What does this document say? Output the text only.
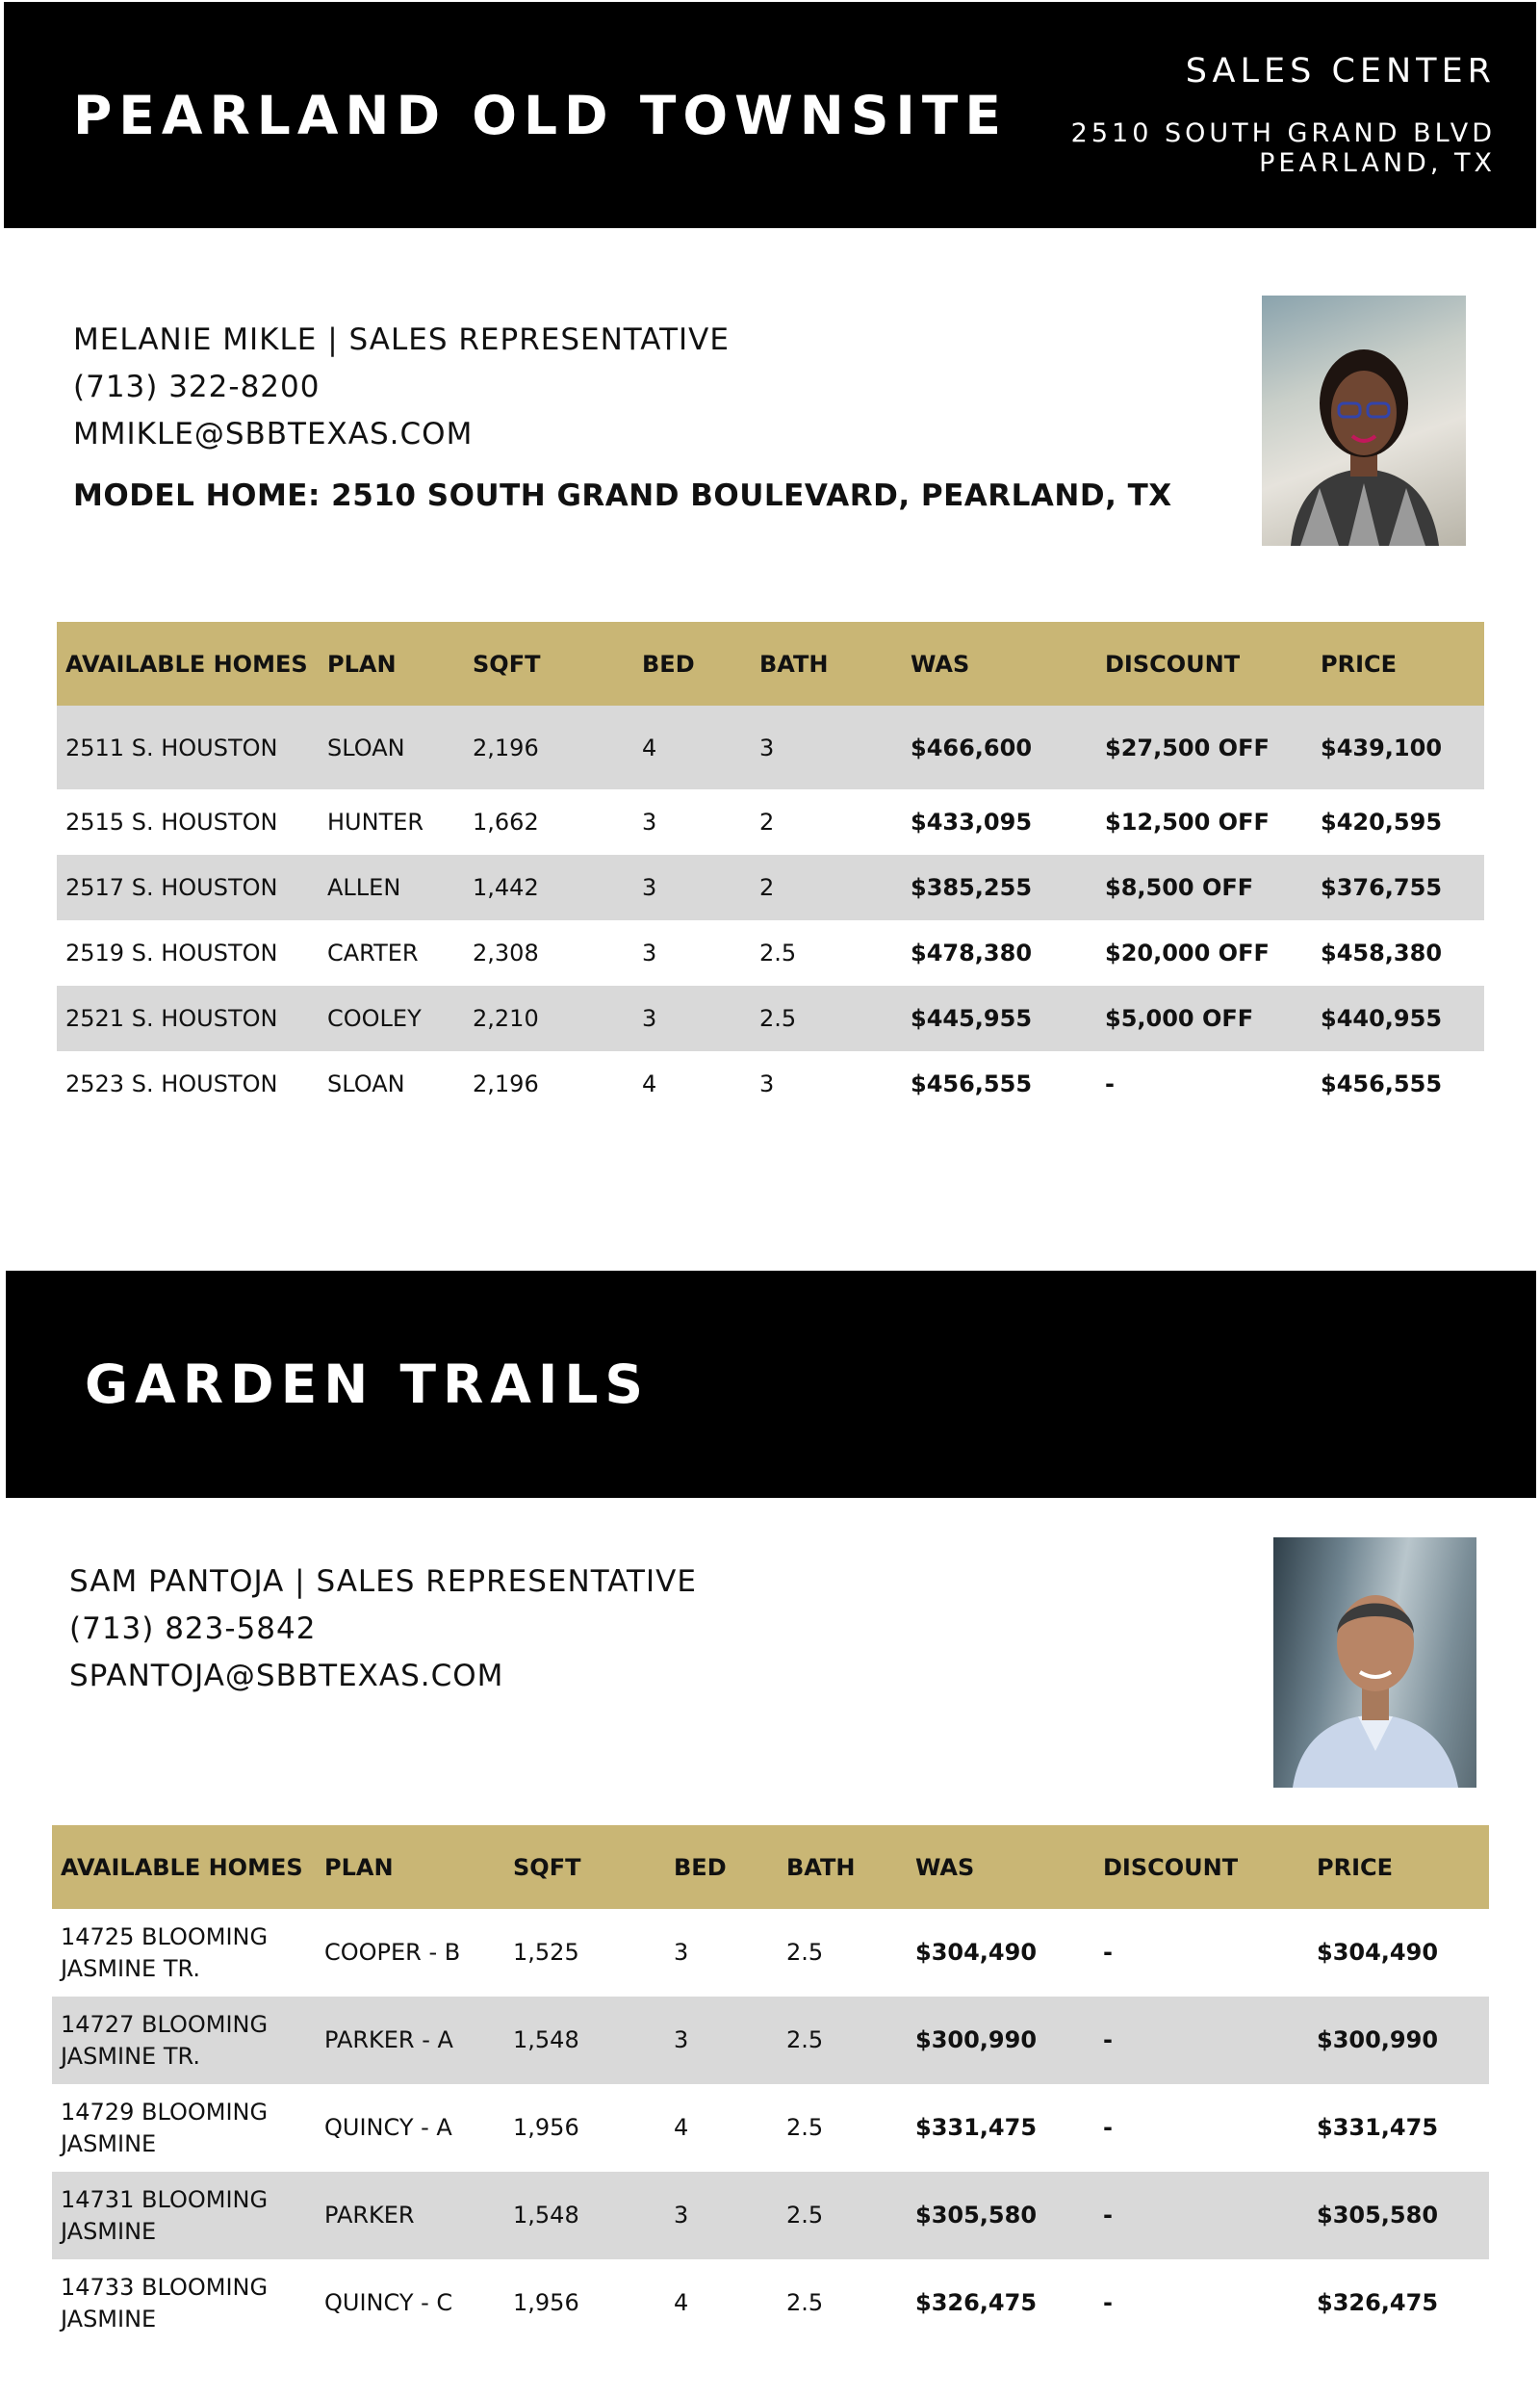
PEARLAND OLD TOWNSITE
SALES CENTER
2510 SOUTH GRAND BLVD
PEARLAND, TX
MELANIE MIKLE | SALES REPRESENTATIVE
(713) 322-8200
MMIKLE@SBBTEXAS.COM
MODEL HOME: 2510 SOUTH GRAND BOULEVARD, PEARLAND, TX
AVAILABLE HOMES	PLAN	SQFT	BED	BATH	WAS	DISCOUNT	PRICE
2511 S. HOUSTON	SLOAN	2,196	4	3	$466,600	$27,500 OFF	$439,100
2515 S. HOUSTON	HUNTER	1,662	3	2	$433,095	$12,500 OFF	$420,595
2517 S. HOUSTON	ALLEN	1,442	3	2	$385,255	$8,500 OFF	$376,755
2519 S. HOUSTON	CARTER	2,308	3	2.5	$478,380	$20,000 OFF	$458,380
2521 S. HOUSTON	COOLEY	2,210	3	2.5	$445,955	$5,000 OFF	$440,955
2523 S. HOUSTON	SLOAN	2,196	4	3	$456,555	-	$456,555
GARDEN TRAILS
SAM PANTOJA | SALES REPRESENTATIVE
(713) 823-5842
SPANTOJA@SBBTEXAS.COM
AVAILABLE HOMES	PLAN	SQFT	BED	BATH	WAS	DISCOUNT	PRICE
14725 BLOOMING JASMINE TR.	COOPER - B	1,525	3	2.5	$304,490	-	$304,490
14727 BLOOMING JASMINE TR.	PARKER - A	1,548	3	2.5	$300,990	-	$300,990
14729 BLOOMING JASMINE	QUINCY - A	1,956	4	2.5	$331,475	-	$331,475
14731 BLOOMING JASMINE	PARKER	1,548	3	2.5	$305,580	-	$305,580
14733 BLOOMING JASMINE	QUINCY - C	1,956	4	2.5	$326,475	-	$326,475
